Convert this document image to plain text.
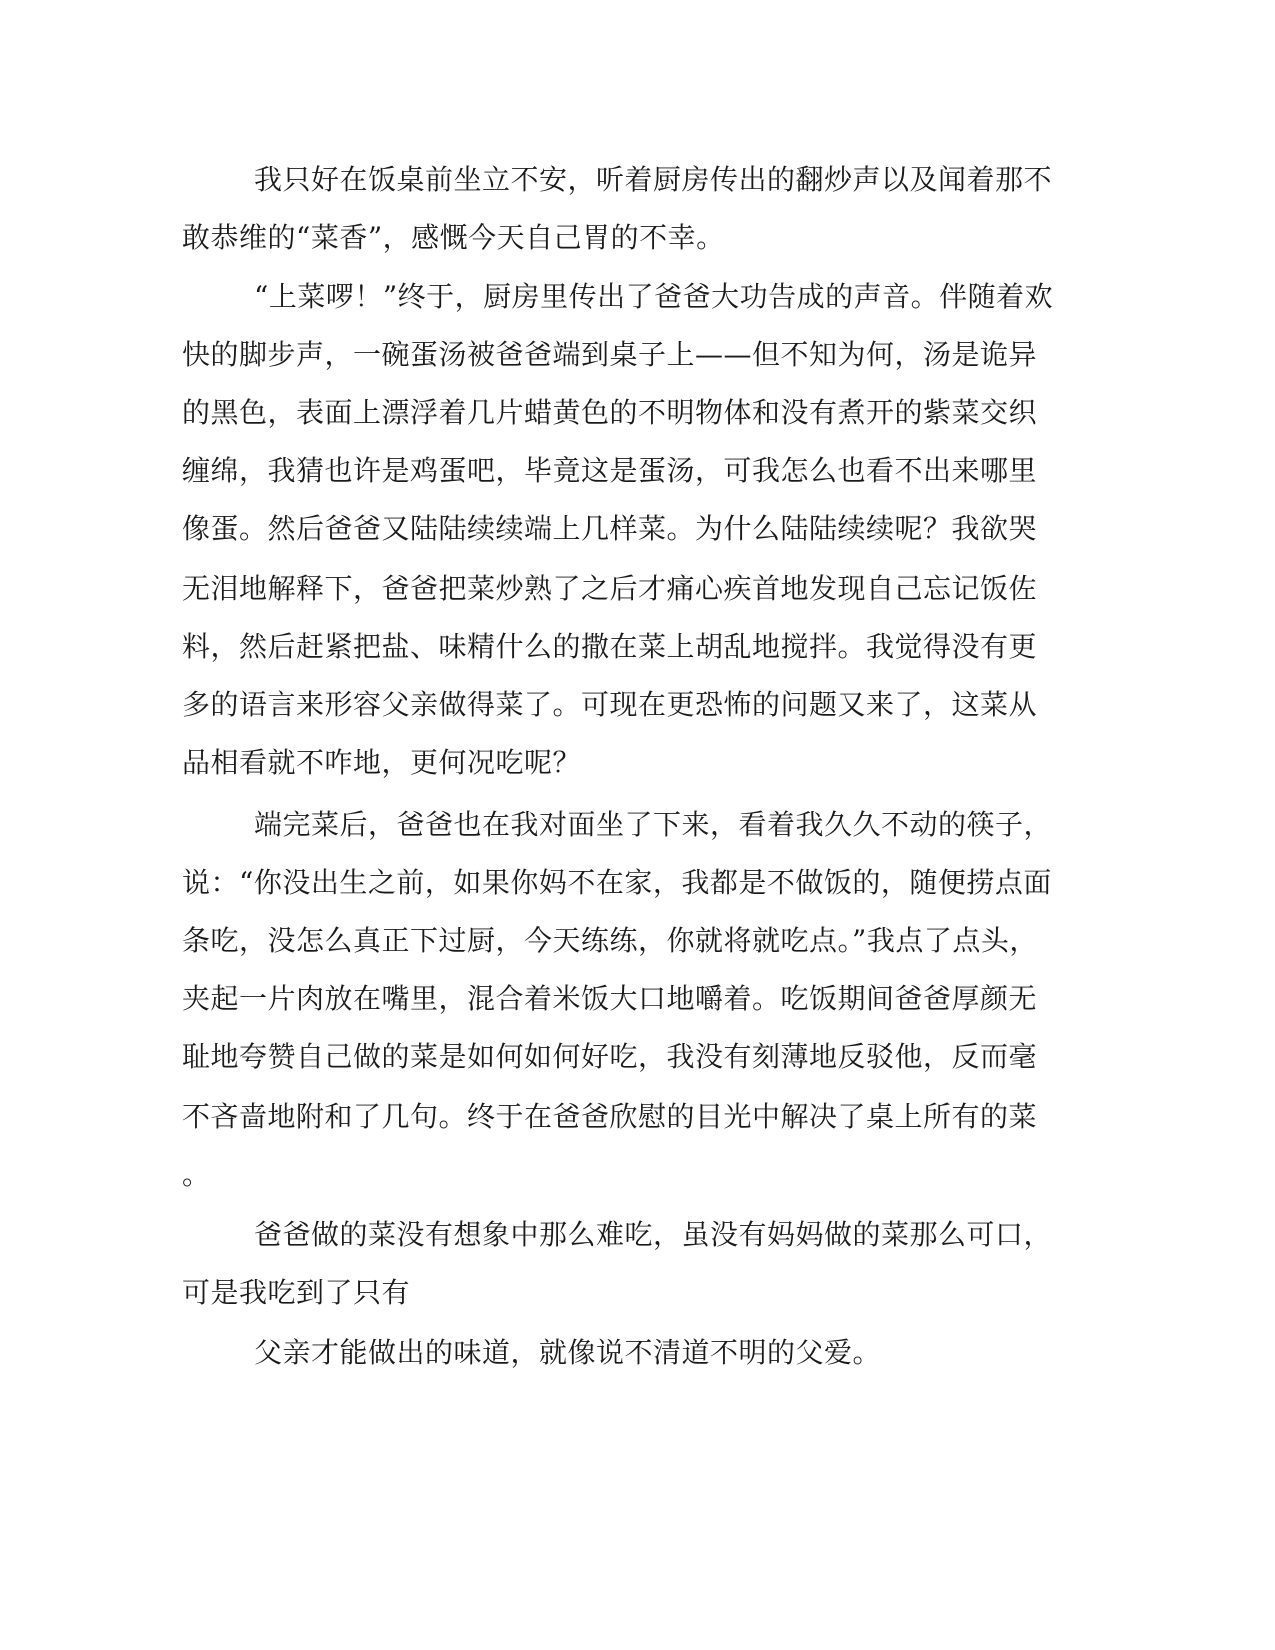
我只好在饭桌前坐立不安，听着厨房传出的翻炒声以及闻着那不
敢恭维的“菜香”，感慨今天自己胃的不幸。
“上菜啰！”终于，厨房里传出了爸爸大功告成的声音。伴随着欢
快的脚步声，一碗蛋汤被爸爸端到桌子上——但不知为何，汤是诡异
的黑色，表面上漂浮着几片蜡黄色的不明物体和没有煮开的紫菜交织
缠绵，我猜也许是鸡蛋吧，毕竟这是蛋汤，可我怎么也看不出来哪里
像蛋。然后爸爸又陆陆续续端上几样菜。为什么陆陆续续呢？我欲哭
无泪地解释下，爸爸把菜炒熟了之后才痛心疾首地发现自己忘记饭佐
料，然后赶紧把盐、味精什么的撒在菜上胡乱地搅拌。我觉得没有更
多的语言来形容父亲做得菜了。可现在更恐怖的问题又来了，这菜从
品相看就不咋地，更何况吃呢？
端完菜后，爸爸也在我对面坐了下来，看着我久久不动的筷子，
说：“你没出生之前，如果你妈不在家，我都是不做饭的，随便捞点面
条吃，没怎么真正下过厨，今天练练，你就将就吃点。”我点了点头，
夹起一片肉放在嘴里，混合着米饭大口地嚼着。吃饭期间爸爸厚颜无
耻地夸赞自己做的菜是如何如何好吃，我没有刻薄地反驳他，反而毫
不吝啬地附和了几句。终于在爸爸欣慰的目光中解决了桌上所有的菜
。
爸爸做的菜没有想象中那么难吃，虽没有妈妈做的菜那么可口，
可是我吃到了只有
父亲才能做出的味道，就像说不清道不明的父爱。
